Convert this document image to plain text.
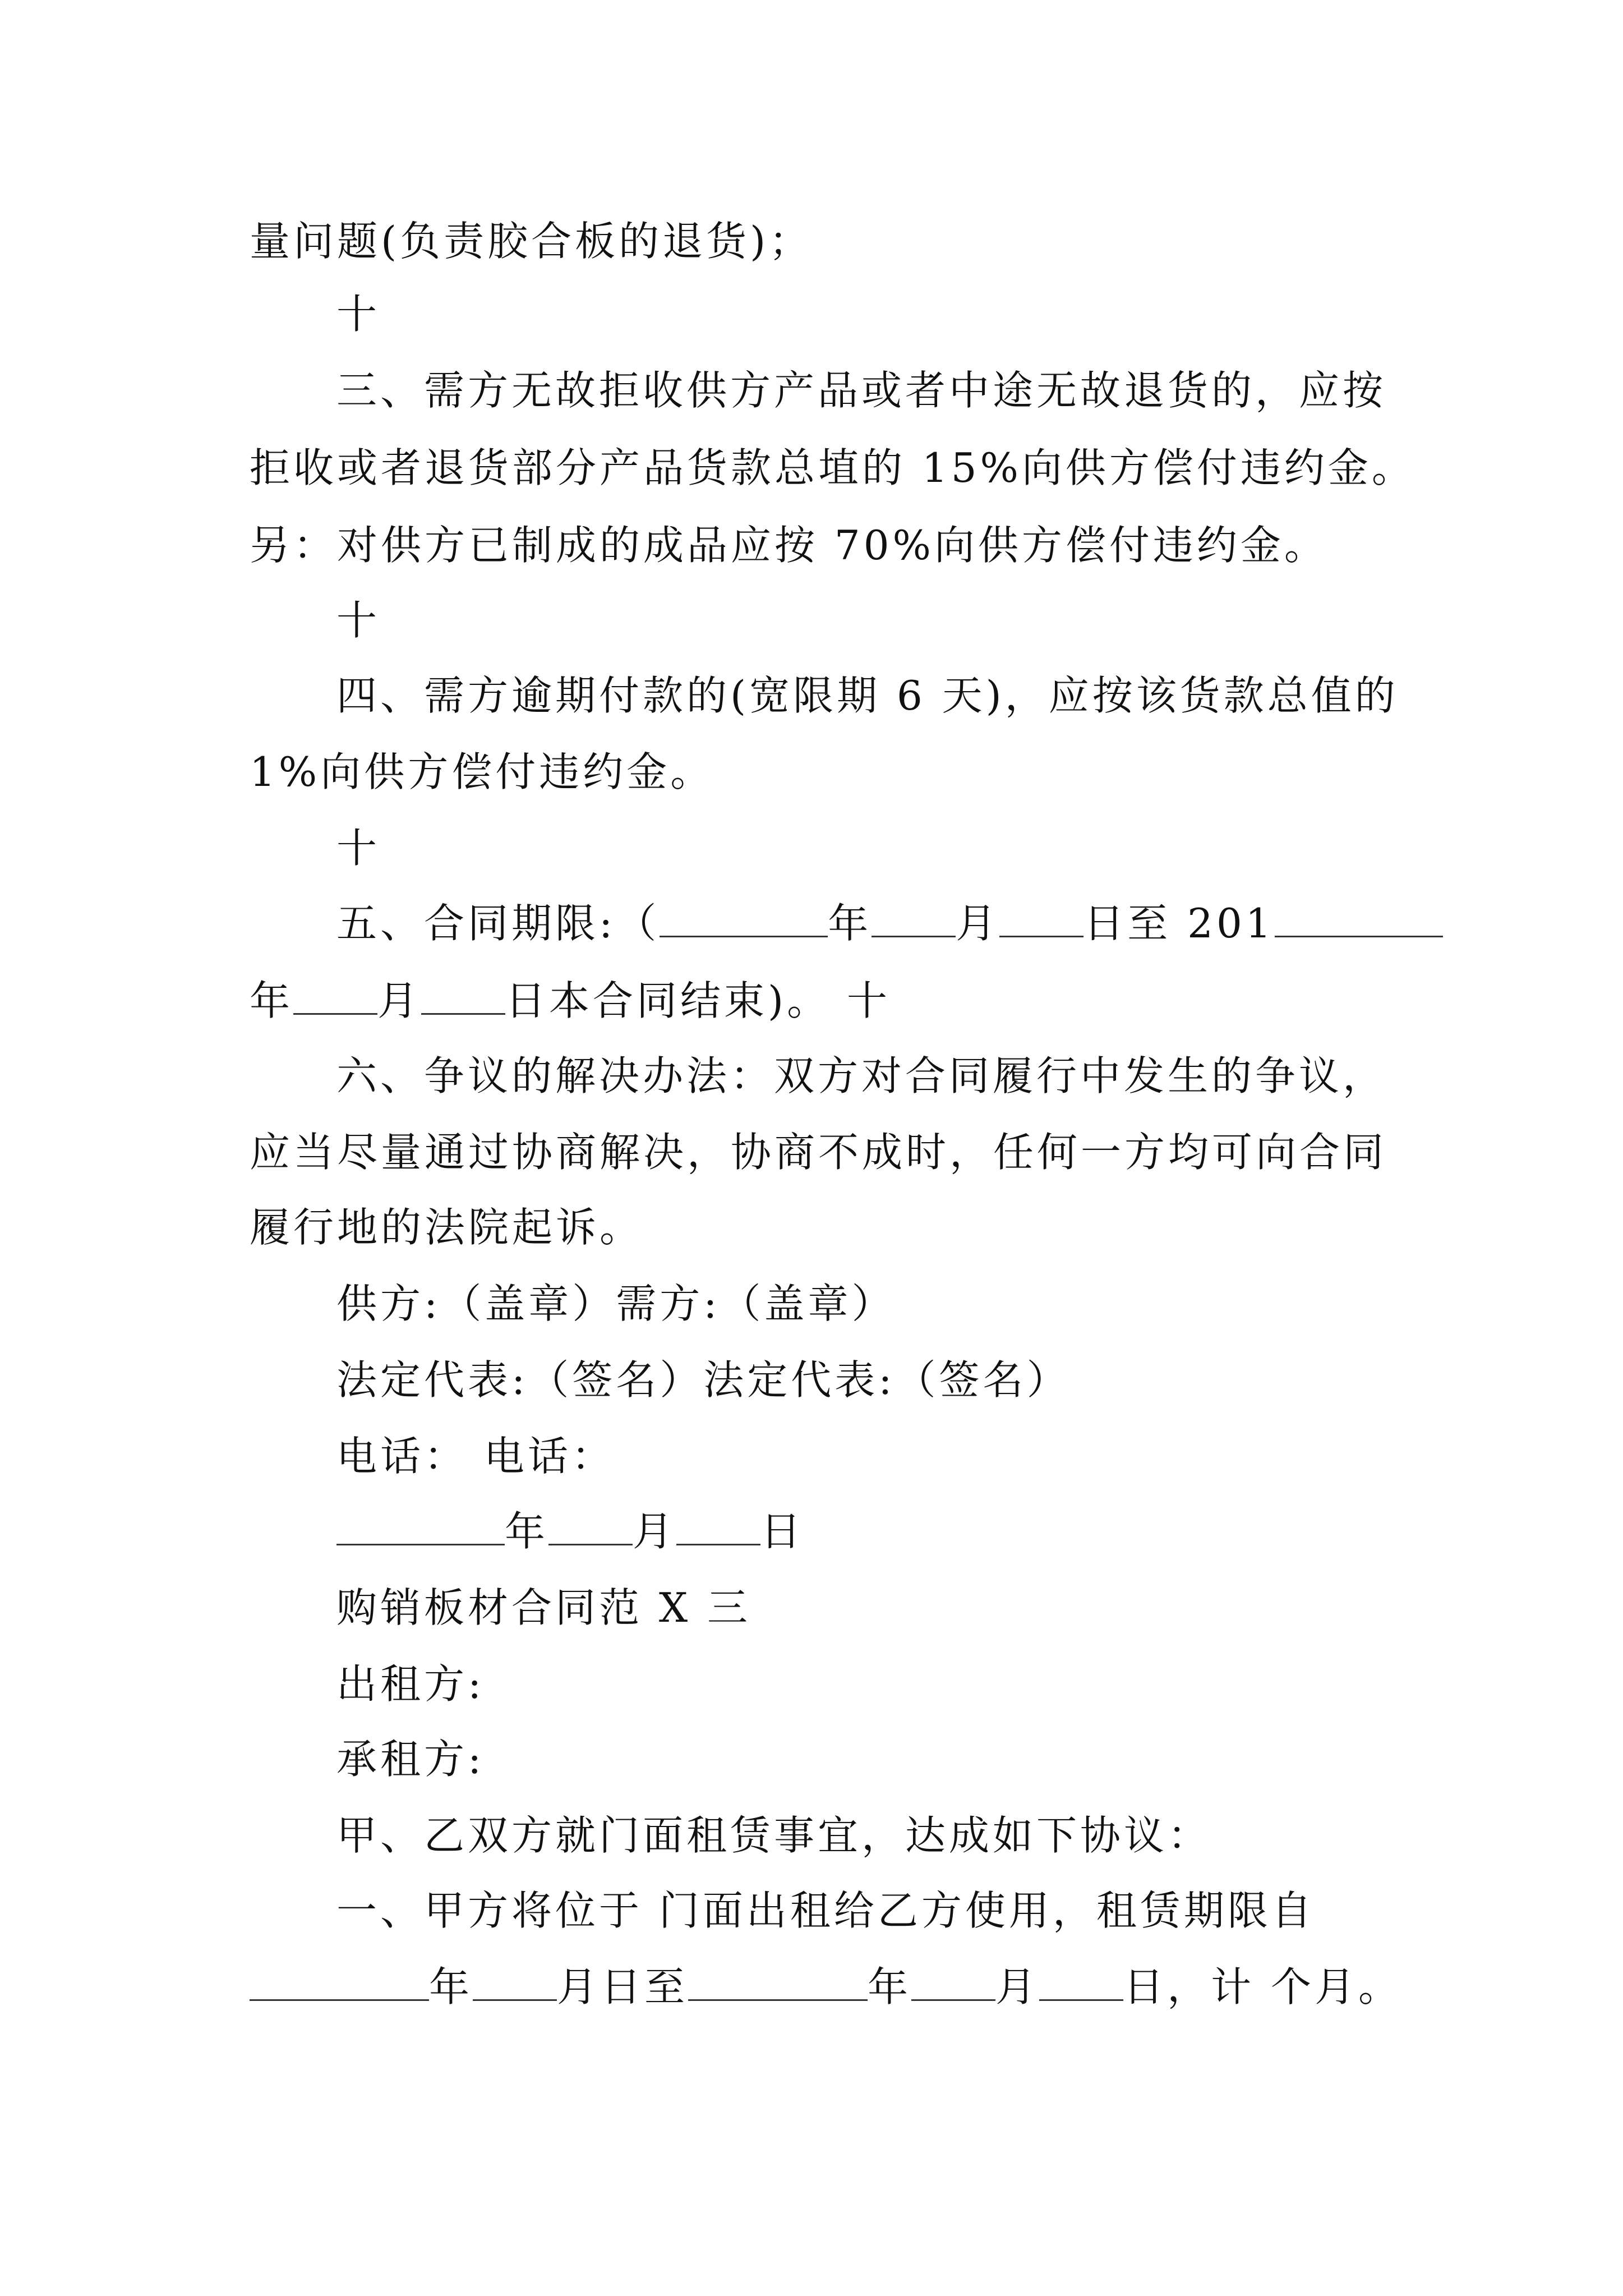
量问题(负责胶合板的退货)；
十
三、需方无故拒收供方产品或者中途无故退货的，应按
拒收或者退货部分产品货款总埴的 15%向供方偿付违约金。
另：对供方已制成的成品应按 70%向供方偿付违约金。
十
四、需方逾期付款的(宽限期 6 天)，应按该货款总值的
1%向供方偿付违约金。
十
五、合同期限:（	年 月 日至 201
年 月 日本合同结束)。 十
六、争议的解决办法：双方对合同履行中发生的争议，
应当尽量通过协商解决，协商不成时，任何一方均可向合同
履行地的法院起诉。
供方:（盖章）需方:（盖章）
法定代表:（签名）法定代表:（签名）
电话： 电话：
年 月 日
购销板材合同范 X 三
出租方:
承租方:
甲、乙双方就门面租赁事宜，达成如下协议：
一、甲方将位于 门面出租给乙方使用，租赁期限自
年 月日至	年 月 日，计 个月。
